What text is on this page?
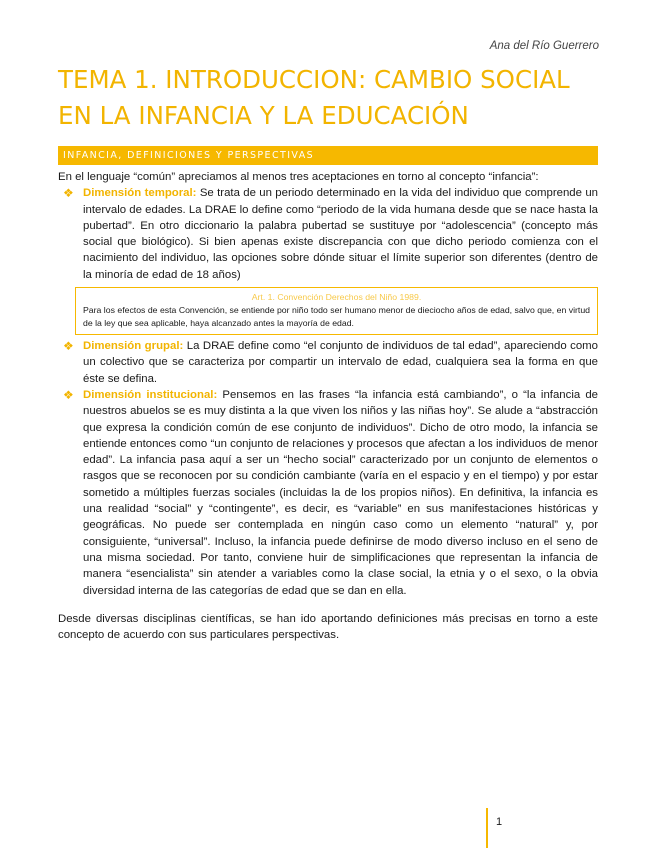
Ana del Río Guerrero
TEMA 1. INTRODUCCION: CAMBIO SOCIAL EN LA INFANCIA Y LA EDUCACIÓN
INFANCIA, DEFINICIONES Y PERSPECTIVAS

En el lenguaje “común” apreciamos al menos tres aceptaciones en torno al concepto “infancia”:

❖ Dimensión temporal: Se trata de un periodo determinado en la vida del individuo que comprende un intervalo de edades. La DRAE lo define como “periodo de la vida humana desde que se nace hasta la pubertad”. En otro diccionario la palabra pubertad se sustituye por “adolescencia” (concepto más social que biológico). Si bien apenas existe discrepancia con que dicho periodo comienza con el nacimiento del individuo, las opciones sobre dónde situar el límite superior son diferentes (dentro de la minoría de edad de 18 años)
Art. 1. Convención Derechos del Niño 1989.
Para los efectos de esta Convención, se entiende por niño todo ser humano menor de dieciocho años de edad, salvo que, en virtud de la ley que sea aplicable, haya alcanzado antes la mayoría de edad.
❖ Dimensión grupal: La DRAE define como “el conjunto de individuos de tal edad”, apareciendo como un colectivo que se caracteriza por compartir un intervalo de edad, cualquiera sea la forma en que éste se defina.
❖ Dimensión institucional: Pensemos en las frases “la infancia está cambiando”, o “la infancia de nuestros abuelos se es muy distinta a la que viven los niños y las niñas hoy”. Se alude a “abstracción que expresa la condición común de ese conjunto de individuos”. Dicho de otro modo, la infancia se entiende entonces como “un conjunto de relaciones y procesos que afectan a los individuos de menor edad”. La infancia pasa aquí a ser un “hecho social” caracterizado por un conjunto de elementos o rasgos que se reconocen por su condición cambiante (varía en el espacio y en el tiempo) y por estar sometido a múltiples fuerzas sociales (incluidas la de los propios niños). En definitiva, la infancia es una realidad “social” y “contingente”, es decir, es “variable” en sus manifestaciones históricas y geográficas. No puede ser contemplada en ningún caso como un elemento “natural” y, por consiguiente, “universal”. Incluso, la infancia puede definirse de modo diverso incluso en el seno de una misma sociedad. Por tanto, conviene huir de simplificaciones que representan la infancia de manera “esencialista” sin atender a variables como la clase social, la etnia y o el sexo, o la obvia diversidad interna de las categorías de edad que se dan en ella.

Desde diversas disciplinas científicas, se han ido aportando definiciones más precisas en torno a este concepto de acuerdo con sus particulares perspectivas.

1
